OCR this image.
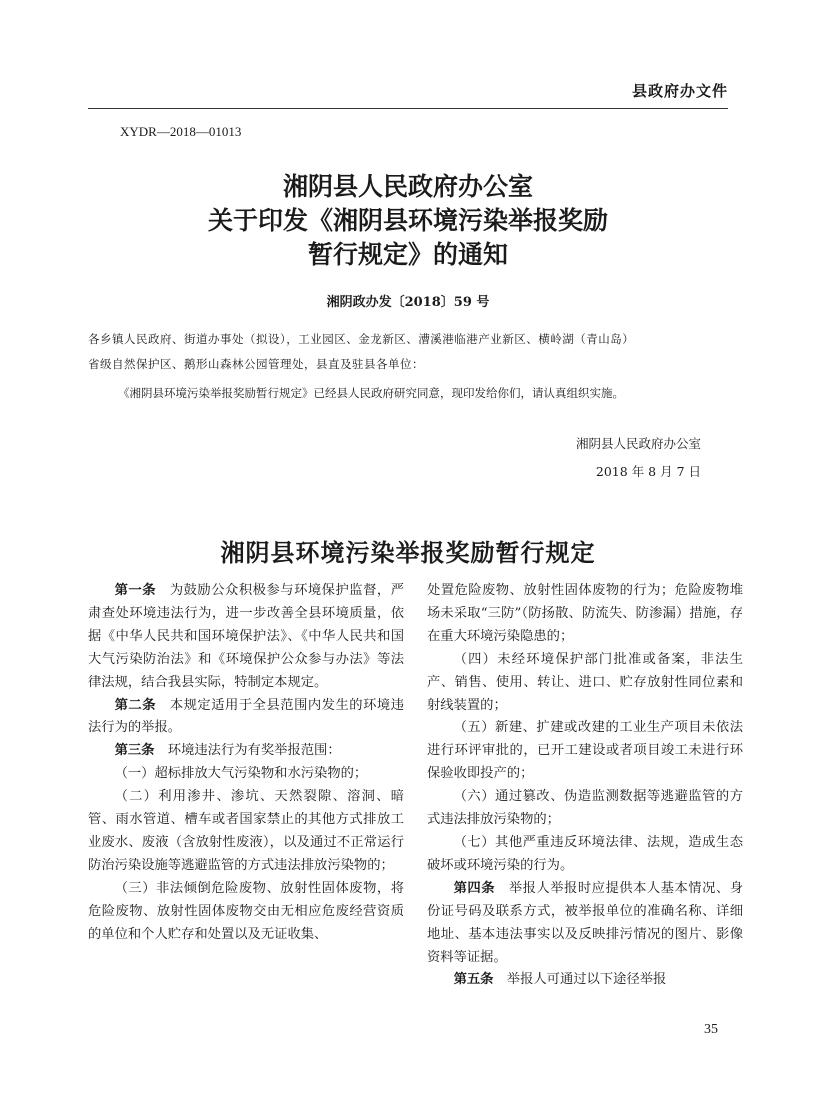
县政府办文件
XYDR—2018—01013
湘阴县人民政府办公室
关于印发《湘阴县环境污染举报奖励
暂行规定》的通知
湘阴政办发〔2018〕59 号
各乡镇人民政府、街道办事处（拟设），工业园区、金龙新区、漕溪港临港产业新区、横岭湖（青山岛）
省级自然保护区、鹅形山森林公园管理处，县直及驻县各单位：
《湘阴县环境污染举报奖励暂行规定》已经县人民政府研究同意，现印发给你们，请认真组织实施。
湘阴县人民政府办公室
2018 年 8 月 7 日
湘阴县环境污染举报奖励暂行规定

第一条　为鼓励公众积极参与环境保护监督，严肃查处环境违法行为，进一步改善全县环境质量，依据《中华人民共和国环境保护法》、《中华人民共和国大气污染防治法》和《环境保护公众参与办法》等法律法规，结合我县实际，特制定本规定。

第二条　本规定适用于全县范围内发生的环境违法行为的举报。

第三条　环境违法行为有奖举报范围：

（一）超标排放大气污染物和水污染物的；

（二）利用渗井、渗坑、天然裂隙、溶洞、暗管、雨水管道、槽车或者国家禁止的其他方式排放工业废水、废液（含放射性废液），以及通过不正常运行防治污染设施等逃避监管的方式违法排放污染物的；

（三）非法倾倒危险废物、放射性固体废物，将危险废物、放射性固体废物交由无相应危废经营资质的单位和个人贮存和处置以及无证收集、

处置危险废物、放射性固体废物的行为；危险废物堆场未采取“三防”（防扬散、防流失、防渗漏）措施，存在重大环境污染隐患的；

（四）未经环境保护部门批准或备案，非法生产、销售、使用、转让、进口、贮存放射性同位素和射线装置的；

（五）新建、扩建或改建的工业生产项目未依法进行环评审批的，已开工建设或者项目竣工未进行环保验收即投产的；

（六）通过篡改、伪造监测数据等逃避监管的方式违法排放污染物的；

（七）其他严重违反环境法律、法规，造成生态破坏或环境污染的行为。

第四条　举报人举报时应提供本人基本情况、身份证号码及联系方式，被举报单位的准确名称、详细地址、基本违法事实以及反映排污情况的图片、影像资料等证据。

第五条　举报人可通过以下途径举报

35
